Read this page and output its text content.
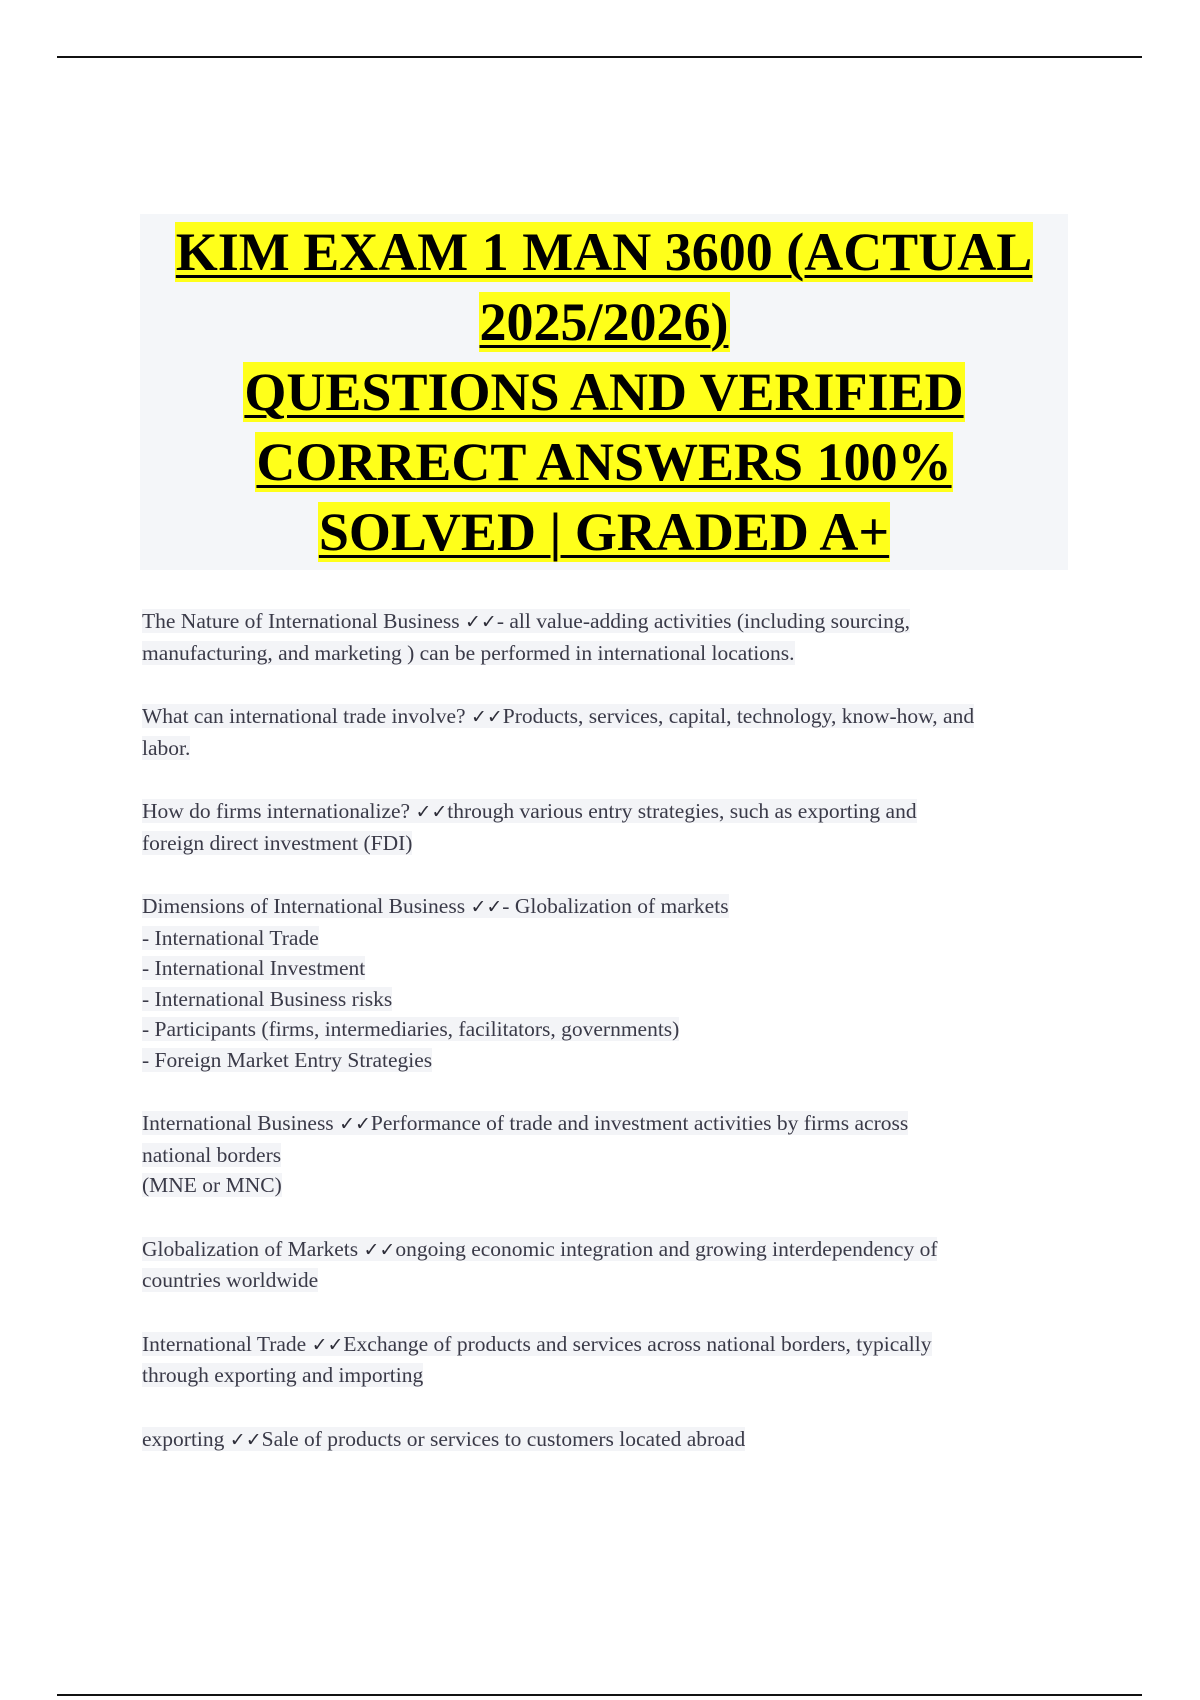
KIM EXAM 1 MAN 3600 (ACTUAL
2025/2026)
QUESTIONS AND VERIFIED
CORRECT ANSWERS 100%
SOLVED | GRADED A+
The Nature of International Business ✓✓- all value-adding activities (including sourcing,
manufacturing, and marketing ) can be performed in international locations.
What can international trade involve? ✓✓Products, services, capital, technology, know-how, and
labor.
How do firms internationalize? ✓✓through various entry strategies, such as exporting and
foreign direct investment (FDI)
Dimensions of International Business ✓✓- Globalization of markets
- International Trade
- International Investment
- International Business risks
- Participants (firms, intermediaries, facilitators, governments)
- Foreign Market Entry Strategies
International Business ✓✓Performance of trade and investment activities by firms across
national borders
(MNE or MNC)
Globalization of Markets ✓✓ongoing economic integration and growing interdependency of
countries worldwide
International Trade ✓✓Exchange of products and services across national borders, typically
through exporting and importing
exporting ✓✓Sale of products or services to customers located abroad
